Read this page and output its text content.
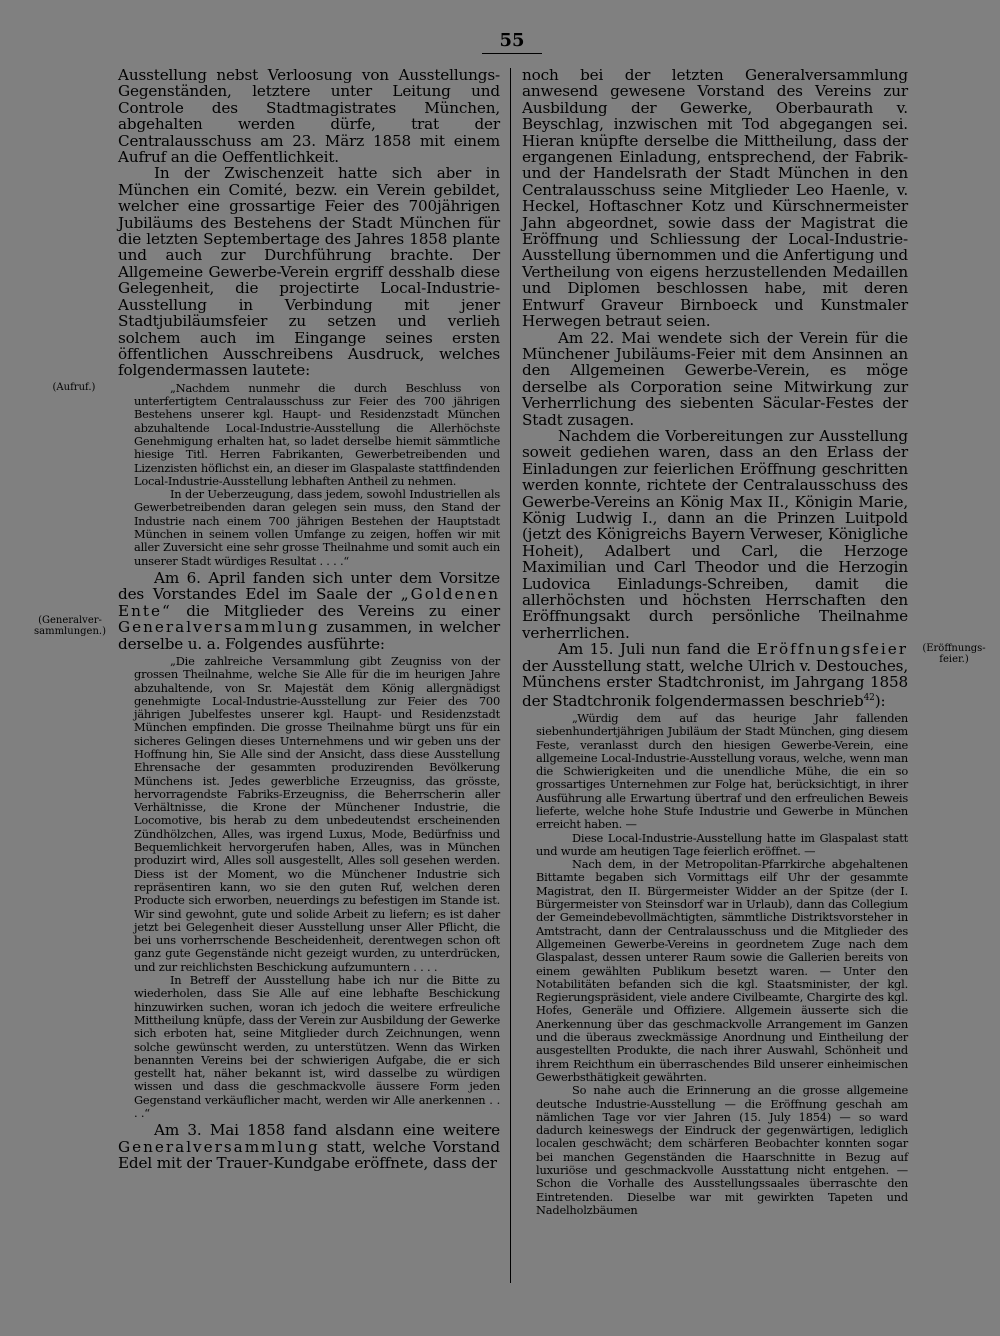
55
(Aufruf.)
(Generalver-
sammlungen.)
(Eröffnungs-
feier.)

Ausstellung nebst Verloosung von Ausstellungs-Gegenständen, letztere unter Leitung und Controle des Stadtmagistrates München, abgehalten werden dürfe, trat der Centralausschuss am 23. März 1858 mit einem Aufruf an die Oeffentlichkeit.

In der Zwischenzeit hatte sich aber in München ein Comité, bezw. ein Verein gebildet, welcher eine grossartige Feier des 700jährigen Jubiläums des Bestehens der Stadt München für die letzten Septembertage des Jahres 1858 plante und auch zur Durchführung brachte. Der Allgemeine Gewerbe-Verein ergriff desshalb diese Gelegenheit, die projectirte Local-Industrie-Ausstellung in Verbindung mit jener Stadtjubiläumsfeier zu setzen und verlieh solchem auch im Eingange seines ersten öffentlichen Ausschreibens Ausdruck, welches folgendermassen lautete:

„Nachdem nunmehr die durch Beschluss von unterfertigtem Centralausschuss zur Feier des 700 jährigen Bestehens unserer kgl. Haupt- und Residenzstadt München abzuhaltende Local-Industrie-Ausstellung die Allerhöchste Genehmigung erhalten hat, so ladet derselbe hiemit sämmtliche hiesige Titl. Herren Fabrikanten, Gewerbetreibenden und Lizenzisten höflichst ein, an dieser im Glaspalaste stattfindenden Local-Industrie-Ausstellung lebhaften Antheil zu nehmen.

In der Ueberzeugung, dass jedem, sowohl Industriellen als Gewerbetreibenden daran gelegen sein muss, den Stand der Industrie nach einem 700 jährigen Bestehen der Hauptstadt München in seinem vollen Umfange zu zeigen, hoffen wir mit aller Zuversicht eine sehr grosse Theilnahme und somit auch ein unserer Stadt würdiges Resultat . . . .“

Am 6. April fanden sich unter dem Vorsitze des Vorstandes Edel im Saale der „Goldenen Ente“ die Mitglieder des Vereins zu einer Generalversammlung zusammen, in welcher derselbe u. a. Folgendes ausführte:

„Die zahlreiche Versammlung gibt Zeugniss von der grossen Theilnahme, welche Sie Alle für die im heurigen Jahre abzuhaltende, von Sr. Majestät dem König allergnädigst genehmigte Local-Industrie-Ausstellung zur Feier des 700 jährigen Jubelfestes unserer kgl. Haupt- und Residenzstadt München empfinden. Die grosse Theilnahme bürgt uns für ein sicheres Gelingen dieses Unternehmens und wir geben uns der Hoffnung hin, Sie Alle sind der Ansicht, dass diese Ausstellung Ehrensache der gesammten produzirenden Bevölkerung Münchens ist. Jedes gewerbliche Erzeugniss, das grösste, hervorragendste Fabriks-Erzeugniss, die Beherrscherin aller Verhältnisse, die Krone der Münchener Industrie, die Locomotive, bis herab zu dem unbedeutendst erscheinenden Zündhölzchen, Alles, was irgend Luxus, Mode, Bedürfniss und Bequemlichkeit hervorgerufen haben, Alles, was in München produzirt wird, Alles soll ausgestellt, Alles soll gesehen werden. Diess ist der Moment, wo die Münchener Industrie sich repräsentiren kann, wo sie den guten Ruf, welchen deren Producte sich erworben, neuerdings zu befestigen im Stande ist. Wir sind gewohnt, gute und solide Arbeit zu liefern; es ist daher jetzt bei Gelegenheit dieser Ausstellung unser Aller Pflicht, die bei uns vorherrschende Bescheidenheit, derentwegen schon oft ganz gute Gegenstände nicht gezeigt wurden, zu unterdrücken, und zur reichlichsten Beschickung aufzumuntern . . . .

In Betreff der Ausstellung habe ich nur die Bitte zu wiederholen, dass Sie Alle auf eine lebhafte Beschickung hinzuwirken suchen, woran ich jedoch die weitere erfreuliche Mittheilung knüpfe, dass der Verein zur Ausbildung der Gewerke sich erboten hat, seine Mitglieder durch Zeichnungen, wenn solche gewünscht werden, zu unterstützen. Wenn das Wirken benannten Vereins bei der schwierigen Aufgabe, die er sich gestellt hat, näher bekannt ist, wird dasselbe zu würdigen wissen und dass die geschmackvolle äussere Form jeden Gegenstand verkäuflicher macht, werden wir Alle anerkennen . . . .“

Am 3. Mai 1858 fand alsdann eine weitere Generalversammlung statt, welche Vorstand Edel mit der Trauer-Kundgabe eröffnete, dass der

noch bei der letzten Generalversammlung anwesend gewesene Vorstand des Vereins zur Ausbildung der Gewerke, Oberbaurath v. Beyschlag, inzwischen mit Tod abgegangen sei. Hieran knüpfte derselbe die Mittheilung, dass der ergangenen Einladung, entsprechend, der Fabrik- und der Handelsrath der Stadt München in den Centralausschuss seine Mitglieder Leo Haenle, v. Heckel, Hoftaschner Kotz und Kürschnermeister Jahn abgeordnet, sowie dass der Magistrat die Eröffnung und Schliessung der Local-Industrie-Ausstellung übernommen und die Anfertigung und Vertheilung von eigens herzustellenden Medaillen und Diplomen beschlossen habe, mit deren Entwurf Graveur Birnboeck und Kunstmaler Herwegen betraut seien.

Am 22. Mai wendete sich der Verein für die Münchener Jubiläums-Feier mit dem Ansinnen an den Allgemeinen Gewerbe-Verein, es möge derselbe als Corporation seine Mitwirkung zur Verherrlichung des siebenten Säcular-Festes der Stadt zusagen.

Nachdem die Vorbereitungen zur Ausstellung soweit gediehen waren, dass an den Erlass der Einladungen zur feierlichen Eröffnung geschritten werden konnte, richtete der Centralausschuss des Gewerbe-Vereins an König Max II., Königin Marie, König Ludwig I., dann an die Prinzen Luitpold (jetzt des Königreichs Bayern Verweser, Königliche Hoheit), Adalbert und Carl, die Herzoge Maximilian und Carl Theodor und die Herzogin Ludovica Einladungs-Schreiben, damit die allerhöchsten und höchsten Herrschaften den Eröffnungsakt durch persönliche Theilnahme verherrlichen.

Am 15. Juli nun fand die Eröffnungsfeier der Ausstellung statt, welche Ulrich v. Destouches, Münchens erster Stadtchronist, im Jahrgang 1858 der Stadtchronik folgendermassen beschrieb$^{42}$):

„Würdig dem auf das heurige Jahr fallenden siebenhundertjährigen Jubiläum der Stadt München, ging diesem Feste, veranlasst durch den hiesigen Gewerbe-Verein, eine allgemeine Local-Industrie-Ausstellung voraus, welche, wenn man die Schwierigkeiten und die unendliche Mühe, die ein so grossartiges Unternehmen zur Folge hat, berücksichtigt, in ihrer Ausführung alle Erwartung übertraf und den erfreulichen Beweis lieferte, welche hohe Stufe Industrie und Gewerbe in München erreicht haben. —

Diese Local-Industrie-Ausstellung hatte im Glaspalast statt und wurde am heutigen Tage feierlich eröffnet. —

Nach dem, in der Metropolitan-Pfarrkirche abgehaltenen Bittamte begaben sich Vormittags eilf Uhr der gesammte Magistrat, den II. Bürgermeister Widder an der Spitze (der I. Bürgermeister von Steinsdorf war in Urlaub), dann das Collegium der Gemeindebevollmächtigten, sämmtliche Distriktsvorsteher in Amtstracht, dann der Centralausschuss und die Mitglieder des Allgemeinen Gewerbe-Vereins in geordnetem Zuge nach dem Glaspalast, dessen unterer Raum sowie die Gallerien bereits von einem gewählten Publikum besetzt waren. — Unter den Notabilitäten befanden sich die kgl. Staatsminister, der kgl. Regierungspräsident, viele andere Civilbeamte, Chargirte des kgl. Hofes, Generäle und Offiziere. Allgemein äusserte sich die Anerkennung über das geschmackvolle Arrangement im Ganzen und die überaus zweckmässige Anordnung und Eintheilung der ausgestellten Produkte, die nach ihrer Auswahl, Schönheit und ihrem Reichthum ein überraschendes Bild unserer einheimischen Gewerbsthätigkeit gewährten.

So nahe auch die Erinnerung an die grosse allgemeine deutsche Industrie-Ausstellung — die Eröffnung geschah am nämlichen Tage vor vier Jahren (15. July 1854) — so ward dadurch keineswegs der Eindruck der gegenwärtigen, lediglich localen geschwächt; dem schärferen Beobachter konnten sogar bei manchen Gegenständen die Haarschnitte in Bezug auf luxuriöse und geschmackvolle Ausstattung nicht entgehen. — Schon die Vorhalle des Ausstellungssaales überraschte den Eintretenden. Dieselbe war mit gewirkten Tapeten und Nadelholzbäumen
